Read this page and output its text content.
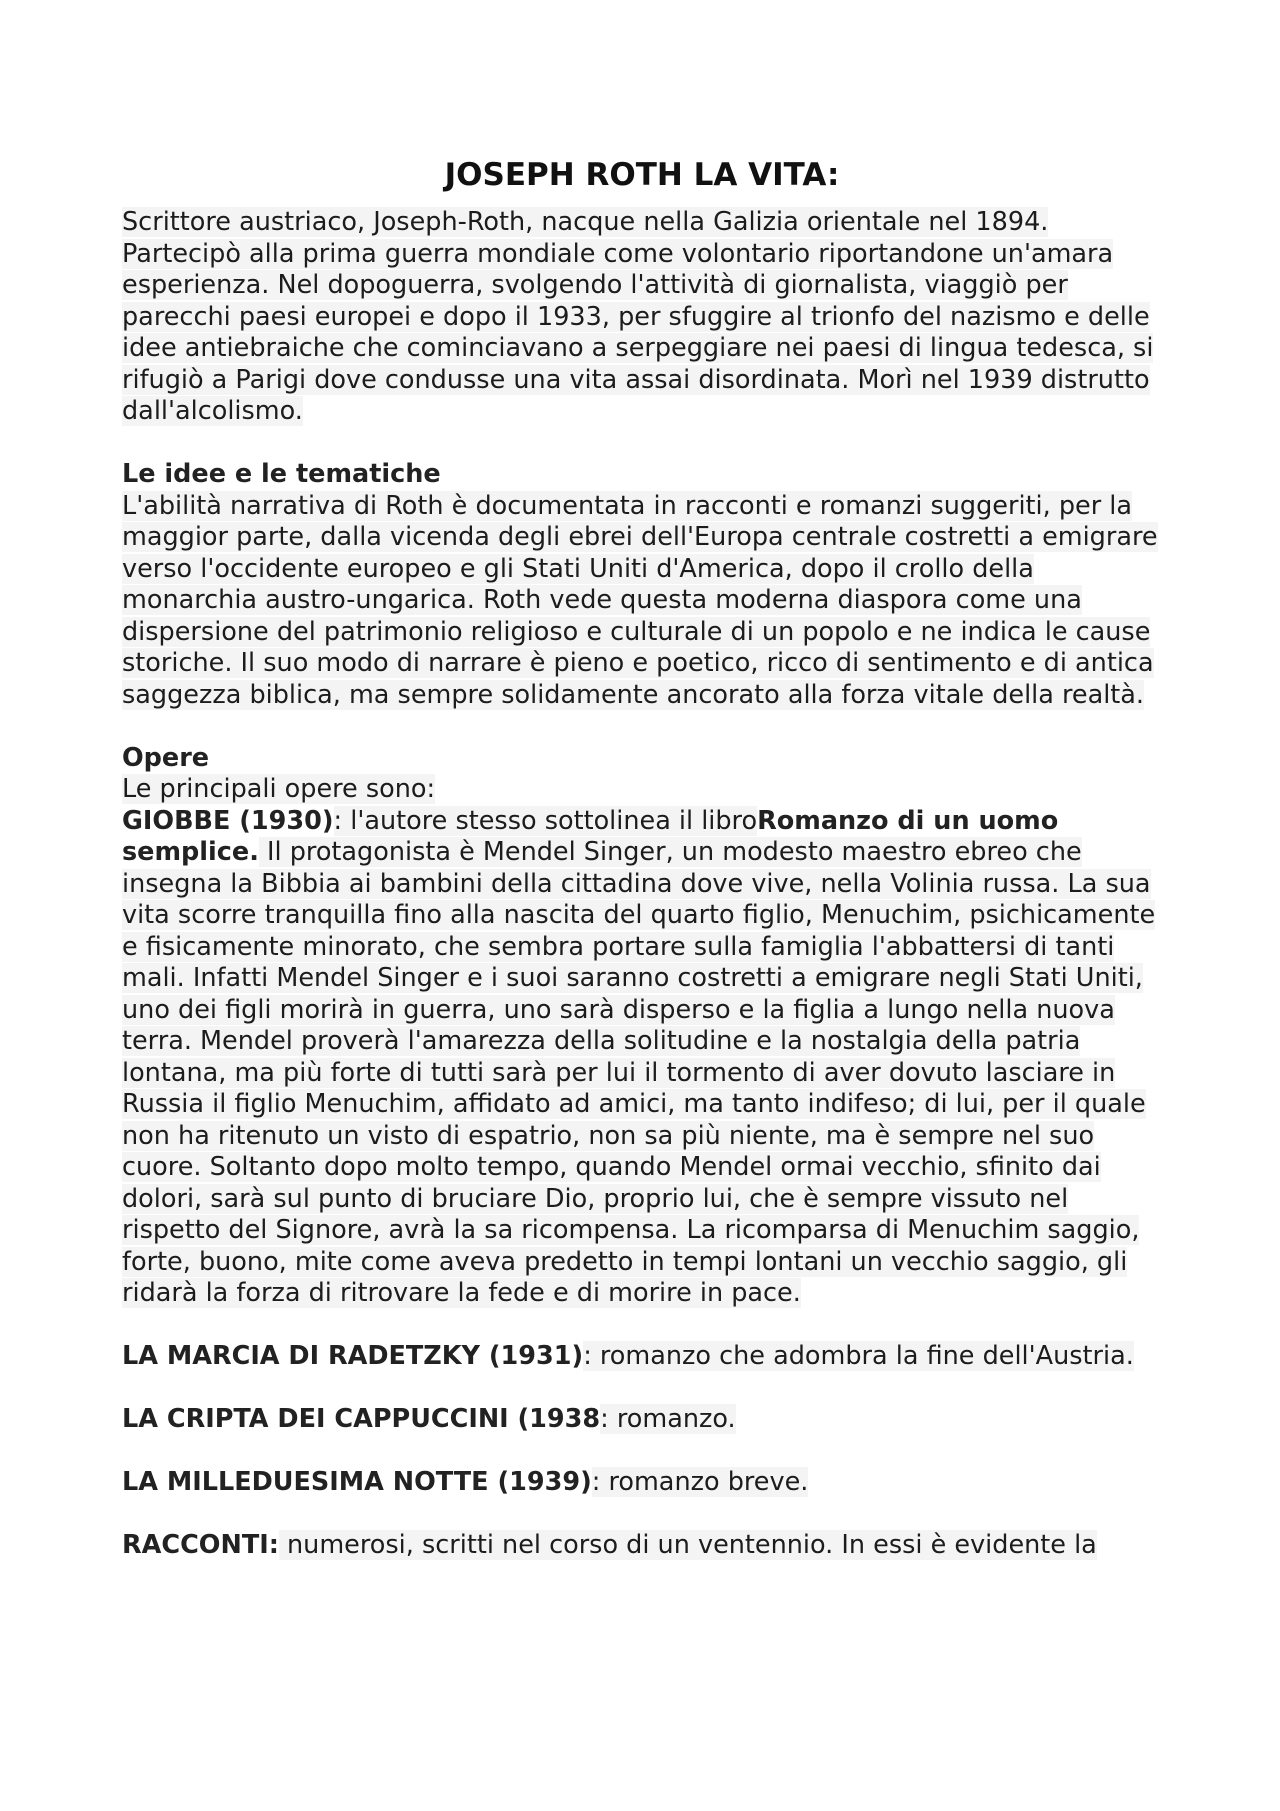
JOSEPH ROTH LA VITA:

Scrittore austriaco, Joseph-Roth, nacque nella Galizia orientale nel 1894. Partecipò alla prima guerra mondiale come volontario riportandone un'amara esperienza. Nel dopoguerra, svolgendo l'attività di giornalista, viaggiò per parecchi paesi europei e dopo il 1933, per sfuggire al trionfo del nazismo e delle idee antiebraiche che cominciavano a serpeggiare nei paesi di lingua tedesca, si rifugiò a Parigi dove condusse una vita assai disordinata. Morì nel 1939 distrutto dall'alcolismo.

Le idee e le tematiche

L'abilità narrativa di Roth è documentata in racconti e romanzi suggeriti, per la maggior parte, dalla vicenda degli ebrei dell'Europa centrale costretti a emigrare verso l'occidente europeo e gli Stati Uniti d'America, dopo il crollo della monarchia austro-ungarica. Roth vede questa moderna diaspora come una dispersione del patrimonio religioso e culturale di un popolo e ne indica le cause storiche. Il suo modo di narrare è pieno e poetico, ricco di sentimento e di antica saggezza biblica, ma sempre solidamente ancorato alla forza vitale della realtà.

Opere

Le principali opere sono:

GIOBBE (1930): l'autore stesso sottolinea il libroRomanzo di un uomo semplice. Il protagonista è Mendel Singer, un modesto maestro ebreo che insegna la Bibbia ai bambini della cittadina dove vive, nella Volinia russa. La sua vita scorre tranquilla fino alla nascita del quarto figlio, Menuchim, psichicamente e fisicamente minorato, che sembra portare sulla famiglia l'abbattersi di tanti mali. Infatti Mendel Singer e i suoi saranno costretti a emigrare negli Stati Uniti, uno dei figli morirà in guerra, uno sarà disperso e la figlia a lungo nella nuova terra. Mendel proverà l'amarezza della solitudine e la nostalgia della patria lontana, ma più forte di tutti sarà per lui il tormento di aver dovuto lasciare in Russia il figlio Menuchim, affidato ad amici, ma tanto indifeso; di lui, per il quale non ha ritenuto un visto di espatrio, non sa più niente, ma è sempre nel suo cuore. Soltanto dopo molto tempo, quando Mendel ormai vecchio, sfinito dai dolori, sarà sul punto di bruciare Dio, proprio lui, che è sempre vissuto nel rispetto del Signore, avrà la sa ricompensa. La ricomparsa di Menuchim saggio, forte, buono, mite come aveva predetto in tempi lontani un vecchio saggio, gli ridarà la forza di ritrovare la fede e di morire in pace.

LA MARCIA DI RADETZKY (1931): romanzo che adombra la fine dell'Austria.

LA CRIPTA DEI CAPPUCCINI (1938: romanzo.

LA MILLEDUESIMA NOTTE (1939): romanzo breve.

RACCONTI: numerosi, scritti nel corso di un ventennio. In essi è evidente la
